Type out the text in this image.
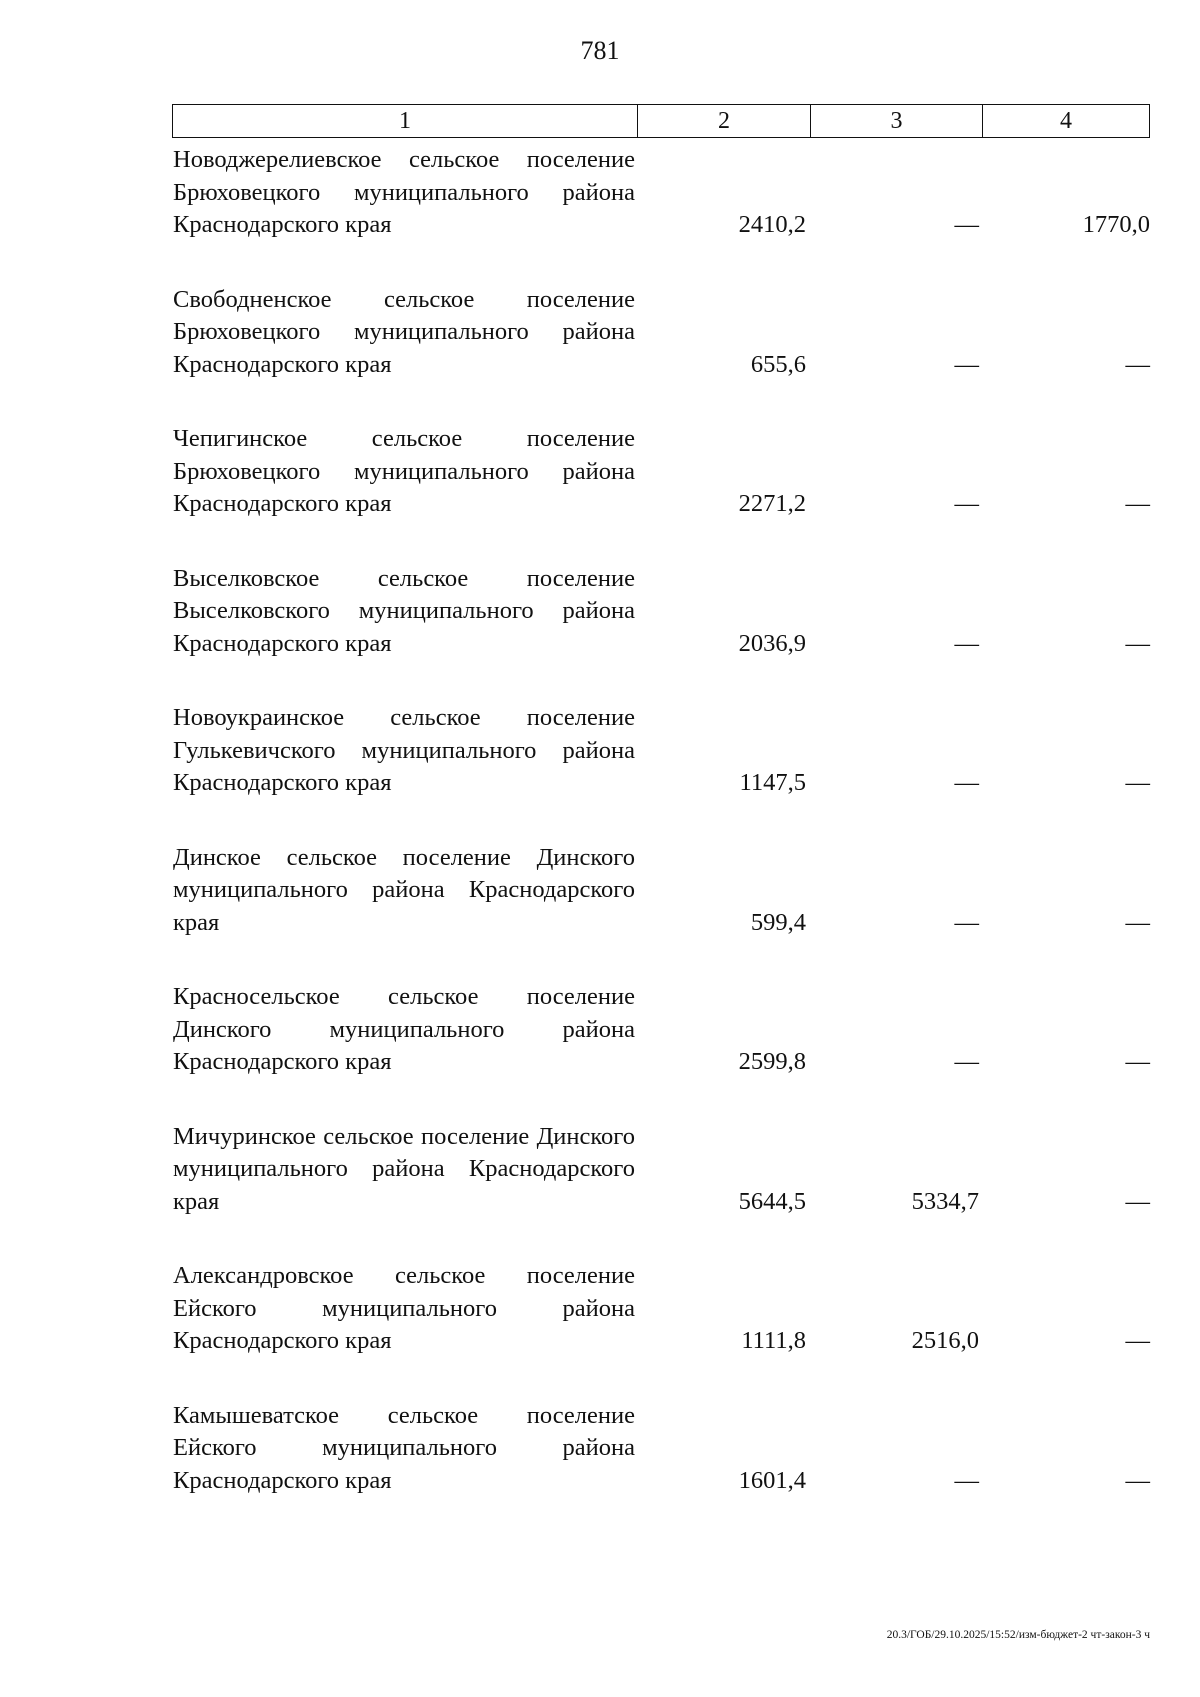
781
1	2	3	4
Новоджерелиевское сельское поселение Брюховецкого муниципального района Краснодарского края	2410,2	—	1770,0
Свободненское сельское поселение Брюховецкого муниципального района Краснодарского края	655,6	—	—
Чепигинское сельское поселение Брюховецкого муниципального района Краснодарского края	2271,2	—	—
Выселковское сельское поселение Выселковского муниципального района Краснодарского края	2036,9	—	—
Новоукраинское сельское поселение Гулькевичского муниципального района Краснодарского края	1147,5	—	—
Динское сельское поселение Динского муниципального района Краснодарского края	599,4	—	—
Красносельское сельское поселение Динского муниципального района Краснодарского края	2599,8	—	—
Мичуринское сельское поселение Динского муниципального района Краснодарского края	5644,5	5334,7	—
Александровское сельское поселение Ейского муниципального района Краснодарского края	1111,8	2516,0	—
Камышеватское сельское поселение Ейского муниципального района Краснодарского края	1601,4	—	—
20.3/ГОБ/29.10.2025/15:52/изм-бюджет-2 чт-закон-3 ч
